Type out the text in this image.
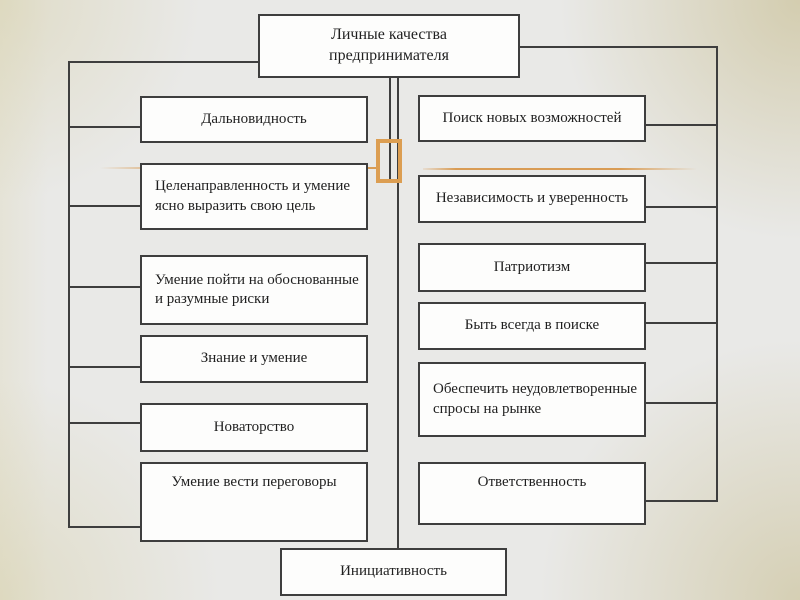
Личные качества предпринимателя
Дальновидность
Целенаправленность и умение ясно выразить свою цель
Умение пойти на обоснованные и разумные риски
Знание и умение
Новаторство
Умение вести переговоры
Поиск новых возможностей
Независимость и уверенность
Патриотизм
Быть всегда в поиске
Обеспечить неудовлетворенные спросы на рынке
Ответственность
Инициативность
